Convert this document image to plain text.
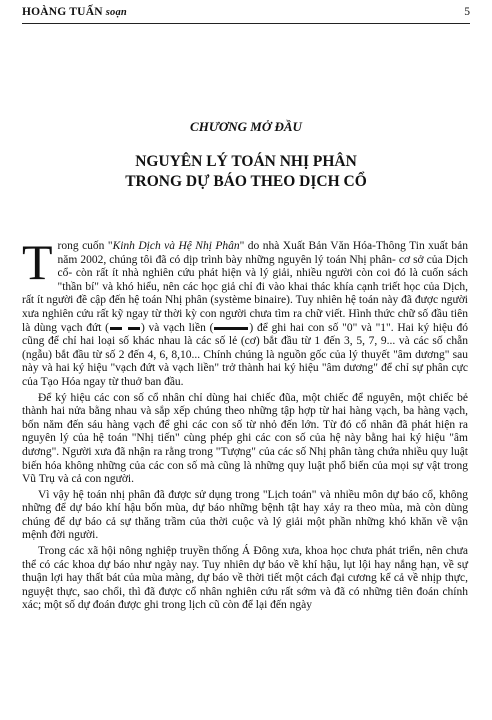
HOÀNG TUẤN soạn	5
CHƯƠNG MỞ ĐẦU
NGUYÊN LÝ TOÁN NHỊ PHÂN
TRONG DỰ BÁO THEO DỊCH CỔ

Trong cuốn "Kinh Dịch và Hệ Nhị Phân" do nhà Xuất Bản Văn Hóa-Thông Tin xuất bản năm 2002, chúng tôi đã có dịp trình bày những nguyên lý toán Nhị phân- cơ sở của Dịch cổ- còn rất ít nhà nghiên cứu phát hiện và lý giải, nhiều người còn coi đó là cuốn sách "thần bí" và khó hiểu, nên các học giả chỉ đi vào khai thác khía cạnh triết học của Dịch, rất ít người đề cập đến hệ toán Nhị phân (système binaire). Tuy nhiên hệ toán này đã được người xưa nghiên cứu rất kỹ ngay từ thời kỳ con người chưa tìm ra chữ viết. Hình thức chữ số đầu tiên là dùng vạch đứt (	) và vạch liền (	) để ghi hai con số "0" và "1". Hai ký hiệu đó cũng để chỉ hai loại số khác nhau là các số lẻ (cơ) bắt đầu từ 1 đến 3, 5, 7, 9... và các số chẵn (ngẫu) bắt đầu từ số 2 đến 4, 6, 8,10... Chính chúng là nguồn gốc của lý thuyết "âm dương" sau này và hai ký hiệu "vạch đứt và vạch liền" trở thành hai ký hiệu "âm dương" để chỉ sự phân cực của Tạo Hóa ngay từ thuở ban đầu.

Để ký hiệu các con số cổ nhân chỉ dùng hai chiếc đũa, một chiếc để nguyên, một chiếc bẻ thành hai nửa bằng nhau và sắp xếp chúng theo những tập hợp từ hai hàng vạch, ba hàng vạch, bốn năm đến sáu hàng vạch để ghi các con số từ nhỏ đến lớn. Từ đó cổ nhân đã phát hiện ra nguyên lý của hệ toán "Nhị tiến" cùng phép ghi các con số của hệ này bằng hai ký hiệu "âm dương". Người xưa đã nhận ra rằng trong "Tượng" của các số Nhị phân tàng chứa nhiều quy luật biến hóa không những của các con số mà cũng là những quy luật phổ biến của mọi sự vật trong Vũ Trụ và cả con người.

Vì vậy hệ toán nhị phân đã được sử dụng trong "Lịch toán" và nhiều môn dự báo cổ, không những để dự báo khí hậu bốn mùa, dự báo những bệnh tật hay xảy ra theo mùa, mà còn dùng chúng để dự báo cả sự thăng trầm của thời cuộc và lý giải một phần những khó khăn về vận mệnh đời người.

Trong các xã hội nông nghiệp truyền thống Á Đông xưa, khoa học chưa phát triển, nên chưa thể có các khoa dự báo như ngày nay. Tuy nhiên dự báo về khí hậu, lụt lội hay nắng hạn, về sự thuận lợi hay thất bát của mùa màng, dự báo về thời tiết một cách đại cương kể cả về nhịp thực, nguyệt thực, sao chổi, thì đã được cổ nhân nghiên cứu rất sớm và đã có những tiên đoán chính xác; một số dự đoán được ghi trong lịch cũ còn để lại đến ngày
